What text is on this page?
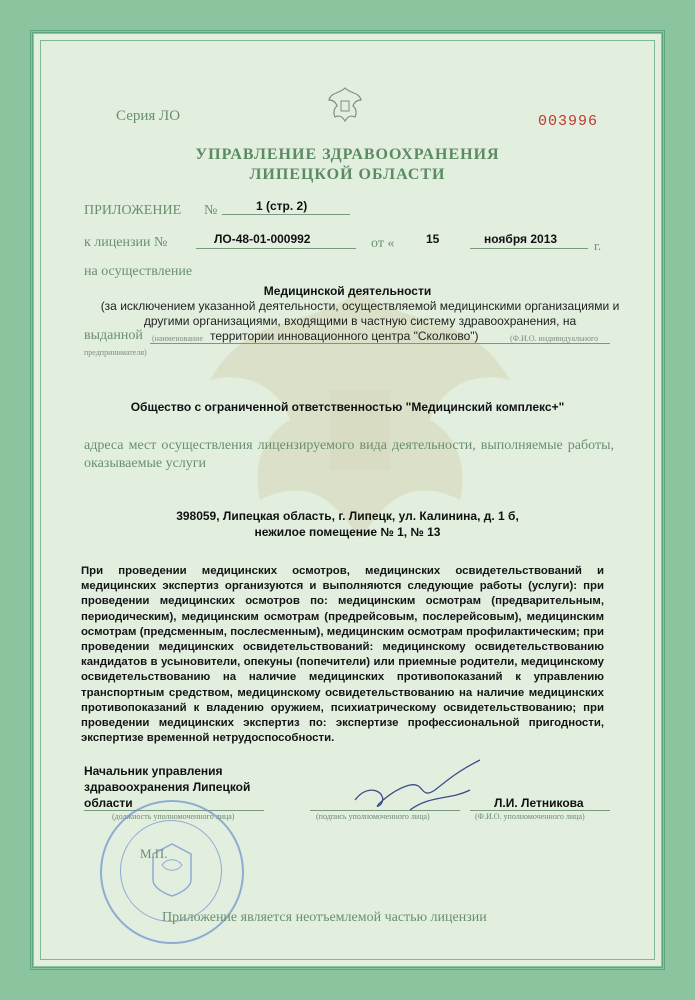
Серия ЛО	003996
УПРАВЛЕНИЕ ЗДРАВООХРАНЕНИЯ
ЛИПЕЦКОЙ ОБЛАСТИ
ПРИЛОЖЕНИЕ №	1 (стр. 2)
к лицензии №	ЛО-48-01-000992	от «	15	ноября 2013	г.
на осуществление
Медицинской деятельности
(за исключением указанной деятельности, осуществляемой медицинскими организациями и другими организациями, входящими в частную систему здравоохранения, на
выданной (наименование территории инновационного центра "Сколково")	(Ф.И.О. индивидуального
предпринимателя)
Общество с ограниченной ответственностью "Медицинский комплекс+"
адреса мест осуществления лицензируемого вида деятельности, выполняемые работы, оказываемые услуги
398059, Липецкая область, г. Липецк, ул. Калинина, д. 1 б,
нежилое помещение № 1, № 13
При проведении медицинских осмотров, медицинских освидетельствований и медицинских экспертиз организуются и выполняются следующие работы (услуги): при проведении медицинских осмотров по: медицинским осмотрам (предварительным, периодическим), медицинским осмотрам (предрейсовым, послерейсовым), медицинским осмотрам (предсменным, послесменным), медицинским осмотрам профилактическим; при проведении медицинских освидетельствований: медицинскому освидетельствованию кандидатов в усыновители, опекуны (попечители) или приемные родители, медицинскому освидетельствованию на наличие медицинских противопоказаний к управлению транспортным средством, медицинскому освидетельствованию на наличие медицинских противопоказаний к владению оружием, психиатрическому освидетельствованию; при проведении медицинских экспертиз по: экспертизе профессиональной пригодности, экспертизе временной нетрудоспособности.
Начальник управления
здравоохранения Липецкой
области	Л.И. Летникова
(должность уполномоченного лица)	(подпись уполномоченного лица)	(Ф.И.О. уполномоченного лица)
М.П.
Приложение является неотъемлемой частью лицензии
